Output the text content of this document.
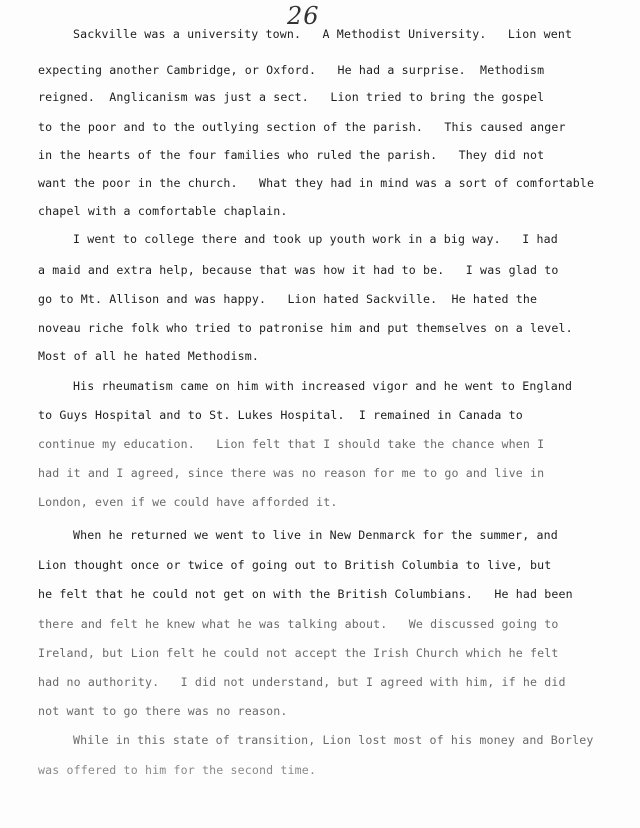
26
Sackville was a university town.   A Methodist University.   Lion went
expecting another Cambridge, or Oxford.   He had a surprise.  Methodism
reigned.  Anglicanism was just a sect.   Lion tried to bring the gospel
to the poor and to the outlying section of the parish.   This caused anger
in the hearts of the four families who ruled the parish.   They did not
want the poor in the church.   What they had in mind was a sort of comfortable
chapel with a comfortable chaplain.
I went to college there and took up youth work in a big way.   I had
a maid and extra help, because that was how it had to be.   I was glad to
go to Mt. Allison and was happy.   Lion hated Sackville.  He hated the
noveau riche folk who tried to patronise him and put themselves on a level.
Most of all he hated Methodism.
His rheumatism came on him with increased vigor and he went to England
to Guys Hospital and to St. Lukes Hospital.  I remained in Canada to
continue my education.   Lion felt that I should take the chance when I
had it and I agreed, since there was no reason for me to go and live in
London, even if we could have afforded it.
When he returned we went to live in New Denmarck for the summer, and
Lion thought once or twice of going out to British Columbia to live, but
he felt that he could not get on with the British Columbians.   He had been
there and felt he knew what he was talking about.   We discussed going to
Ireland, but Lion felt he could not accept the Irish Church which he felt
had no authority.   I did not understand, but I agreed with him, if he did
not want to go there was no reason.
While in this state of transition, Lion lost most of his money and Borley
was offered to him for the second time.
